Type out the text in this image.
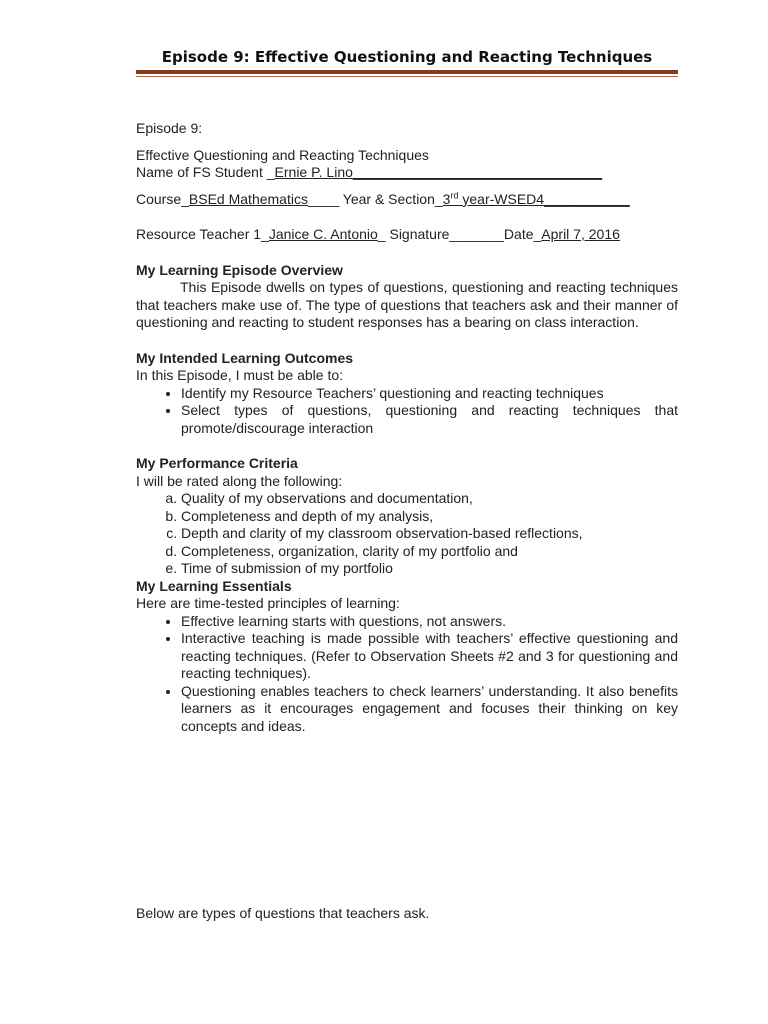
Episode 9: Effective Questioning and Reacting Techniques
Episode 9:
Effective Questioning and Reacting Techniques
Name of FS Student _Ernie P. Lino________________________________
Course_BSEd Mathematics____ Year & Section_3rd year-WSED4___________
Resource Teacher 1_Janice C. Antonio_ Signature_______Date_April 7, 2016
My Learning Episode Overview
This Episode dwells on types of questions, questioning and reacting techniques that teachers make use of. The type of questions that teachers ask and their manner of questioning and reacting to student responses has a bearing on class interaction.
My Intended Learning Outcomes
In this Episode, I must be able to:
• Identify my Resource Teachers’ questioning and reacting techniques
• Select types of questions, questioning and reacting techniques that promote/discourage interaction
My Performance Criteria
I will be rated along the following:
a. Quality of my observations and documentation,
b. Completeness and depth of my analysis,
c. Depth and clarity of my classroom observation-based reflections,
d. Completeness, organization, clarity of my portfolio and
e. Time of submission of my portfolio
My Learning Essentials
Here are time-tested principles of learning:
• Effective learning starts with questions, not answers.
• Interactive teaching is made possible with teachers’ effective questioning and reacting techniques. (Refer to Observation Sheets #2 and 3 for questioning and reacting techniques).
• Questioning enables teachers to check learners’ understanding. It also benefits learners as it encourages engagement and focuses their thinking on key concepts and ideas.
Below are types of questions that teachers ask.
